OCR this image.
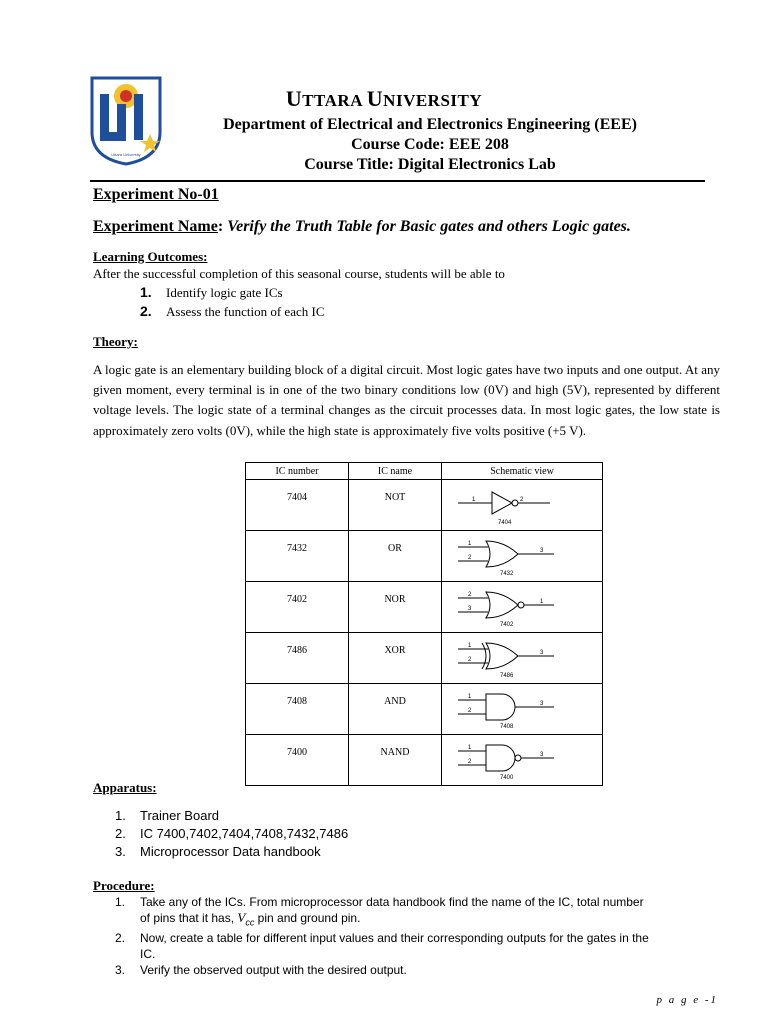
Uttara University
UTTARA UNIVERSITY
Department of Electrical and Electronics Engineering (EEE)
Course Code: EEE 208
Course Title: Digital Electronics Lab
Experiment No-01
Experiment Name: Verify the Truth Table for Basic gates and others Logic gates.
Learning Outcomes:
After the successful completion of this seasonal course, students will be able to
1. Identify logic gate ICs
2. Assess the function of each IC
Theory:
A logic gate is an elementary building block of a digital circuit. Most logic gates have two inputs and one output. At any given moment, every terminal is in one of the two binary conditions low (0V) and high (5V), represented by different voltage levels. The logic state of a terminal changes as the circuit processes data. In most logic gates, the low state is approximately zero volts (0V), while the high state is approximately five volts positive (+5 V).
IC number	IC name	Schematic view
7404	NOT	1 2
7404

7432	OR	1
2
3
7432

7402	NOR	2
3
1
7402

7486	XOR	1
2
3
7486

7408	AND	1
2
3
7408

7400	NAND	1
2
3
7400
Apparatus:
1. Trainer Board
2. IC 7400,7402,7404,7408,7432,7486
3. Microprocessor Data handbook
Procedure:
1.	Take any of the ICs. From microprocessor data handbook find the name of the IC, total number
of pins that it has, $V_{cc}$ pin and ground pin.
2.	Now, create a table for different input values and their corresponding outputs for the gates in the
IC.
3.	Verify the observed output with the desired output.
p a g e -1
